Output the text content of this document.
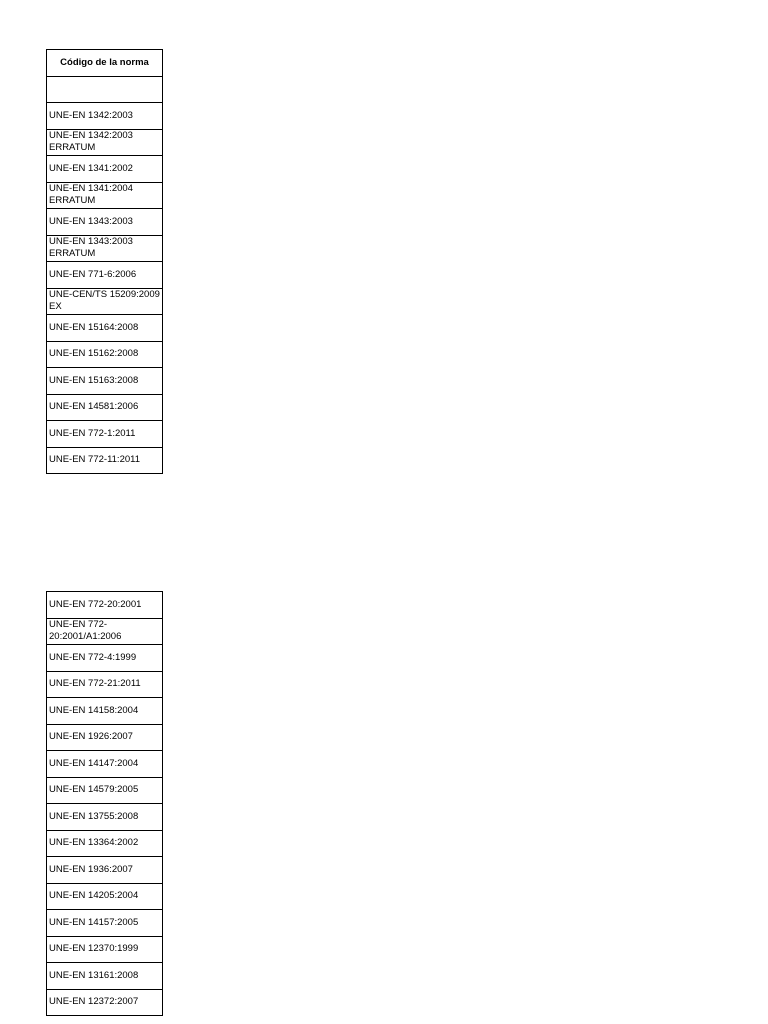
Código de la norma

UNE-EN 1342:2003
UNE-EN 1342:2003 ERRATUM
UNE-EN 1341:2002
UNE-EN 1341:2004 ERRATUM
UNE-EN 1343:2003
UNE-EN 1343:2003 ERRATUM
UNE-EN 771-6:2006
UNE-CEN/TS 15209:2009 EX
UNE-EN 15164:2008
UNE-EN 15162:2008
UNE-EN 15163:2008
UNE-EN 14581:2006
UNE-EN 772-1:2011
UNE-EN 772-11:2011
UNE-EN 772-20:2001
UNE-EN 772-20:2001/A1:2006
UNE-EN 772-4:1999
UNE-EN 772-21:2011
UNE-EN 14158:2004
UNE-EN 1926:2007
UNE-EN 14147:2004
UNE-EN 14579:2005
UNE-EN 13755:2008
UNE-EN 13364:2002
UNE-EN 1936:2007
UNE-EN 14205:2004
UNE-EN 14157:2005
UNE-EN 12370:1999
UNE-EN 13161:2008
UNE-EN 12372:2007
